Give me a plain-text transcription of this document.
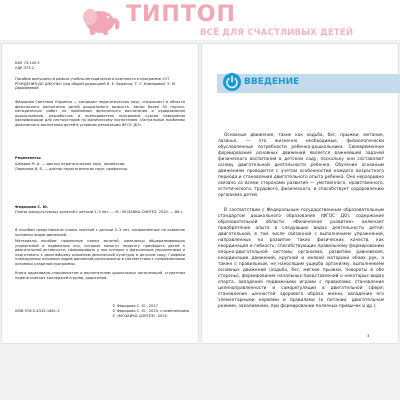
ТИПТОП
ВСЁ ДЛЯ СЧАСТЛИВЫХ ДЕТЕЙ
ББК 74.100.5
УДК 373.2
Пособие выпущено в рамках учебно-методического комплекта к программе «ОТ РОЖДЕНИЯ ДО ШКОЛЫ» под общей редакцией Н. Е. Вераксы, Т. С. Комаровой, Э. М. Дорофеевой
Федорова Светлана Юрьевна — кандидат педагогических наук, специалист в области физического воспитания детей дошкольного возраста. Автор более 30 научно-методических работ по проблемам физического воспитания и оздоровления дошкольников, разработчик и преподаватель программы курсов повышения квалификации для инструкторов по физическому воспитанию «Актуальные проблемы физического воспитания детей в условиях реализации ФГОС ДО».
Рецензенты:
Шмаров М. А. — доктор педагогических наук, профессор;
Ларионов И. Б. — доктор педагогических наук, профессор.
Федорова С. Ю.
Планы физкультурных занятий с детьми 2–3 лет. — М.: МОЗАИКА-СИНТЕЗ, 2020. — 88 с.
В пособии представлены планы занятий с детьми 2–3 лет, направленные на освоение основных видов движений.
Материалы пособия: примерные планы занятий, комплексы общеразвивающих упражнений и подвижных игр, которые помогут педагогу приобщить детей к двигательной активности, сформировать у них интерес к физическим упражнениям и подготовить к дальнейшему освоению физической культуры в детском саду. Графики планируемых основных видов движений расположены в соответствии с направлениями основных разделов программы.
Книга адресована специалистам и воспитателям дошкольных организаций, студентам педагогических колледжей и вузов, родителям.
ISBN 978-5-4315-1661-3
© Федорова С. Ю., 2017
© Федорова С. Ю., 2020, с изменениями
© «МОЗАИКА-СИНТЕЗ», 2020
ВВЕДЕНИЕ
Основные движения, такие как ходьба, бег, прыжки, метание, лазанье, — это жизненно необходимые, физиологически обусловленные потребности ребенка-дошкольника. Своевременное формирование основных движений является важнейшей задачей физического воспитания в детском саду, поскольку они составляют основу двигательной деятельности ребенка. Обучение основным движениям проводится с учетом особенностей каждого возрастного периода и становления двигательного опыта ребенка. Оно неразрывно связано со всеми сторонами развития — умственного, нравственного, эстетического, трудового, физического, и способствует оздоровлению организма детей.
В соответствии с Федеральным государственным образовательным стандартом дошкольного образования (ФГОС ДО), содержание образовательной области «Физическое развитие» включает приобретение опыта в следующих видах деятельности детей: двигательной, в том числе связанной с выполнением упражнений, направленных на развитие таких физических качеств, как координация и гибкость; способствующих правильному формированию опорно-двигательной системы организма, развитию равновесия, координации движений, крупной и мелкой моторики обеих рук, а также с правильным, не наносящим ущерба организму, выполнением основных движений (ходьба, бег, мягкие прыжки, повороты в обе стороны), формирование начальных представлений о некоторых видах спорта, овладение подвижными играми с правилами; становление целенаправленности и саморегуляции в двигательной сфере; становление ценностей здорового образа жизни, овладение его элементарными нормами и правилами (в питании, двигательном режиме, закаливании, при формировании полезных привычек и др.).
3
